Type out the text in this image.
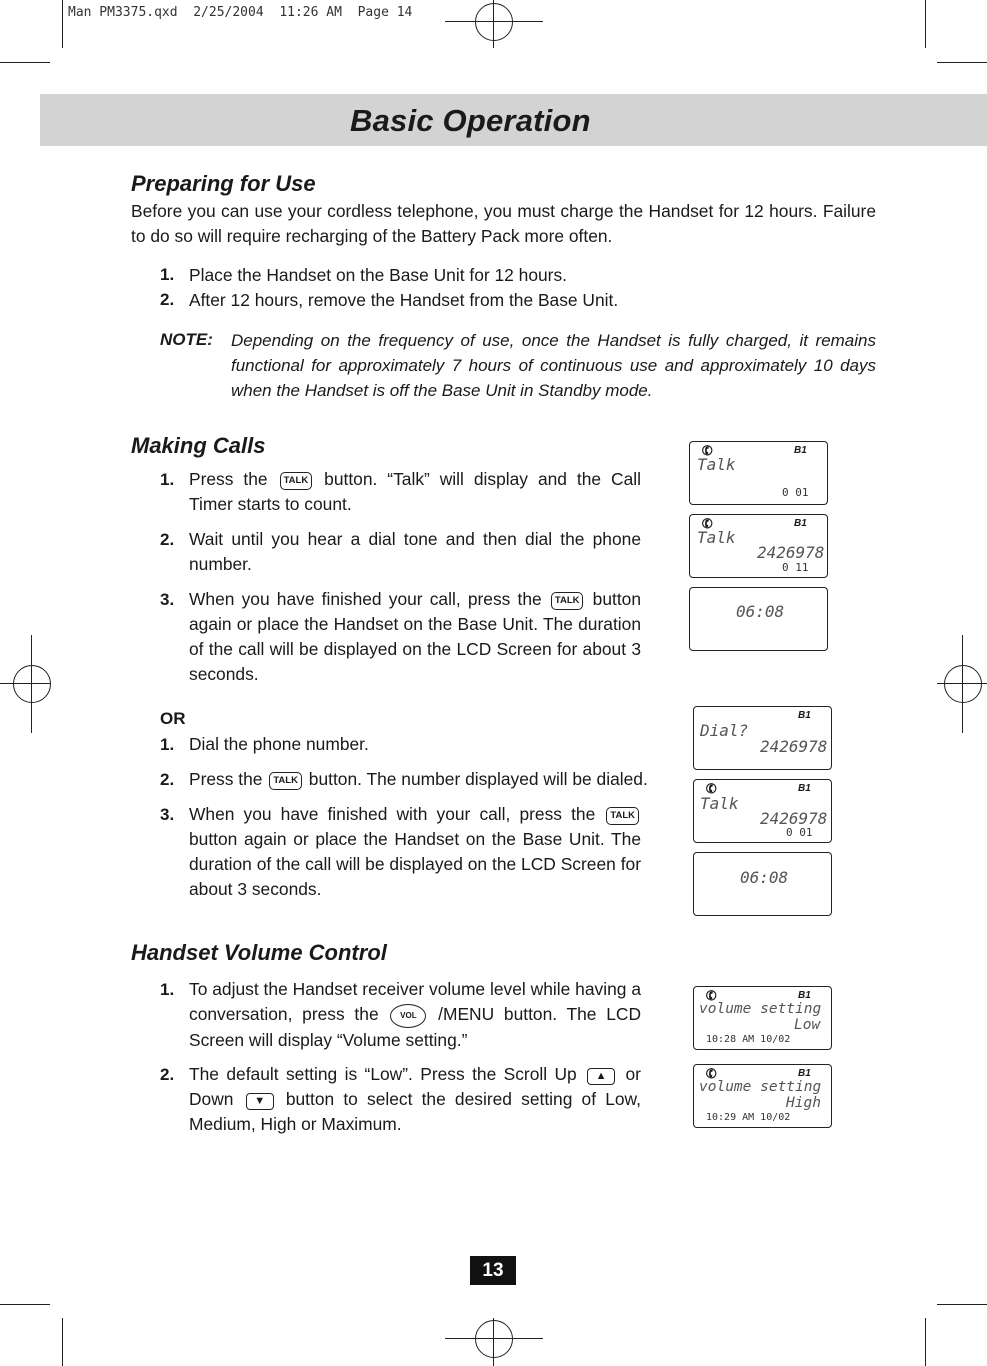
Man PM3375.qxd  2/25/2004  11:26 AM  Page 14
Basic Operation
Preparing for Use

Before you can use your cordless telephone, you must charge the Handset for 12 hours. Failure to do so will require recharging of the Battery Pack more often.

1. Place the Handset on the Base Unit for 12 hours.

2. After 12 hours, remove the Handset from the Base Unit.

NOTE: Depending on the frequency of use, once the Handset is fully charged, it remains functional for approximately 7 hours of continuous use and approximately 10 days when the Handset is off the Base Unit in Standby mode.

Making Calls
1. Press the TALK button. “Talk” will display and the Call Timer starts to count.

2. Wait until you hear a dial tone and then dial the phone number.

3. When you have finished your call, press the TALK button again or place the Handset on the Base Unit. The duration of the call will be displayed on the LCD Screen for about 3 seconds.

OR
1. Dial the phone number.

2. Press the TALK button. The number displayed will be dialed.

3. When you have finished with your call, press the TALK button again or place the Handset on the Base Unit. The duration of the call will be displayed on the LCD Screen for about 3 seconds.

Handset Volume Control
1. To adjust the Handset receiver volume level while having a conversation, press the	VOL /MENU button. The LCD Screen will display “Volume setting.”

2. The default setting is “Low”. Press the Scroll Up ▲ or Down ▼ button to select the desired setting of Low, Medium, High or Maximum.

✆	B1
Talk
0 01
✆	B1
Talk
2426978
0 11
06:08
B1
Dial?
2426978
✆	B1
Talk
2426978
0 01
06:08
✆	B1
volume setting
Low
10:28 AM 10/02
✆	B1
volume setting
High
10:29 AM 10/02
13
